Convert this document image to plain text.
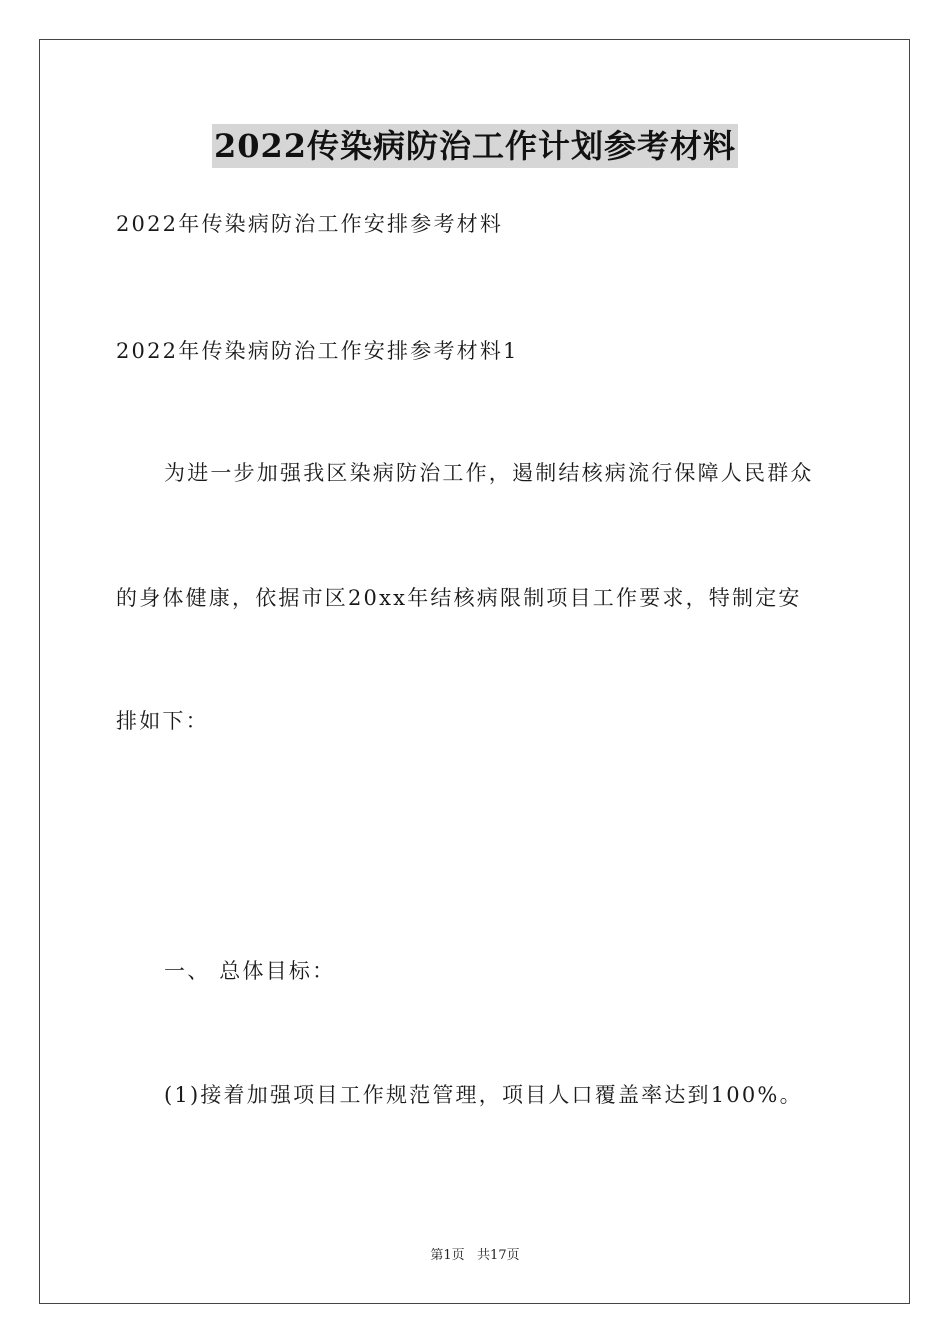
2022传染病防治工作计划参考材料
2022年传染病防治工作安排参考材料
2022年传染病防治工作安排参考材料1
为进一步加强我区染病防治工作，遏制结核病流行保障人民群众
的身体健康，依据市区20xx年结核病限制项目工作要求，特制定安
排如下：
一、 总体目标：
(1)接着加强项目工作规范管理，项目人口覆盖率达到100%。
第1页   共17页
